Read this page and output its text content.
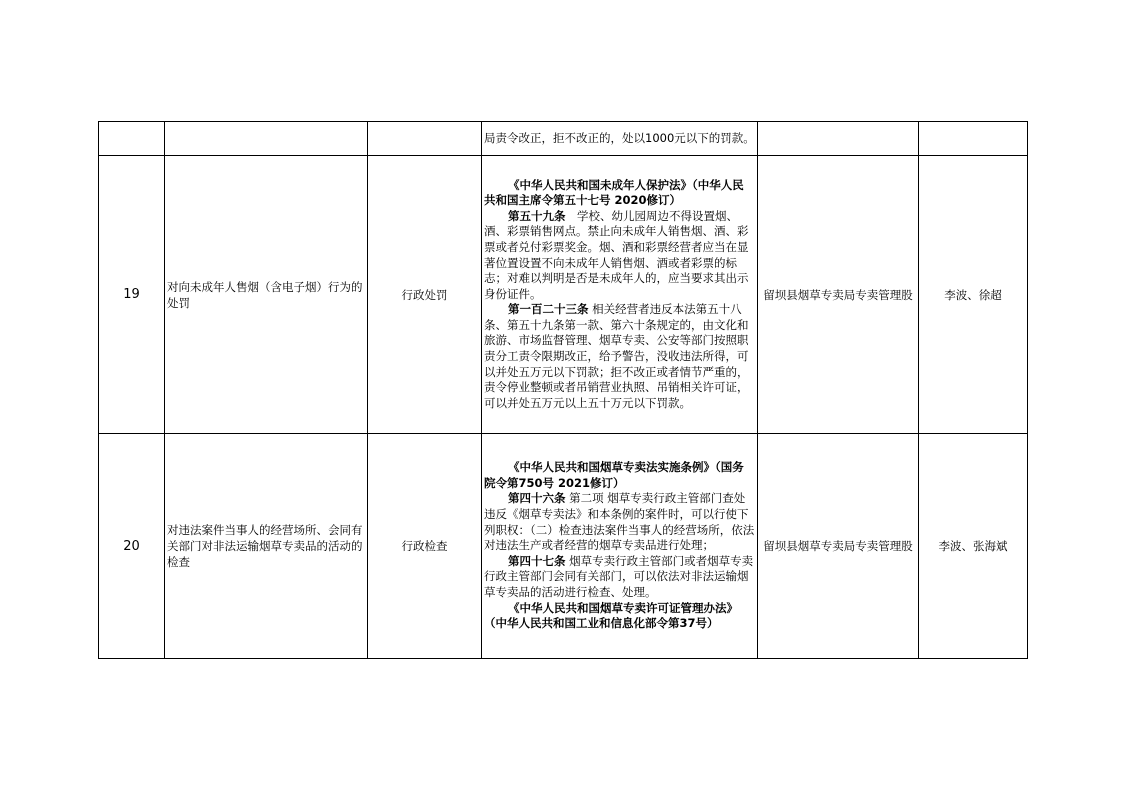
			局责令改正，拒不改正的，处以1000元以下的罚款。		

19	对向未成年人售烟（含电子烟）行为的处罚	行政处罚	《中华人民共和国未成年人保护法》（中华人民共和国主席令第五十七号 2020修订）

第五十九条　学校、幼儿园周边不得设置烟、酒、彩票销售网点。禁止向未成年人销售烟、酒、彩票或者兑付彩票奖金。烟、酒和彩票经营者应当在显著位置设置不向未成年人销售烟、酒或者彩票的标志；对难以判明是否是未成年人的，应当要求其出示身份证件。

第一百二十三条 相关经营者违反本法第五十八条、第五十九条第一款、第六十条规定的，由文化和旅游、市场监督管理、烟草专卖、公安等部门按照职责分工责令限期改正，给予警告，没收违法所得，可以并处五万元以下罚款；拒不改正或者情节严重的，责令停业整顿或者吊销营业执照、吊销相关许可证，可以并处五万元以上五十万元以下罚款。	留坝县烟草专卖局专卖管理股	李波、徐超
20	对违法案件当事人的经营场所、会同有关部门对非法运输烟草专卖品的活动的检查	行政检查	《中华人民共和国烟草专卖法实施条例》（国务院令第750号 2021修订）

第四十六条 第二项 烟草专卖行政主管部门查处违反《烟草专卖法》和本条例的案件时，可以行使下列职权：（二）检查违法案件当事人的经营场所，依法对违法生产或者经营的烟草专卖品进行处理；

第四十七条 烟草专卖行政主管部门或者烟草专卖行政主管部门会同有关部门，可以依法对非法运输烟草专卖品的活动进行检查、处理。

《中华人民共和国烟草专卖许可证管理办法》（中华人民共和国工业和信息化部令第37号）	留坝县烟草专卖局专卖管理股	李波、张海斌
